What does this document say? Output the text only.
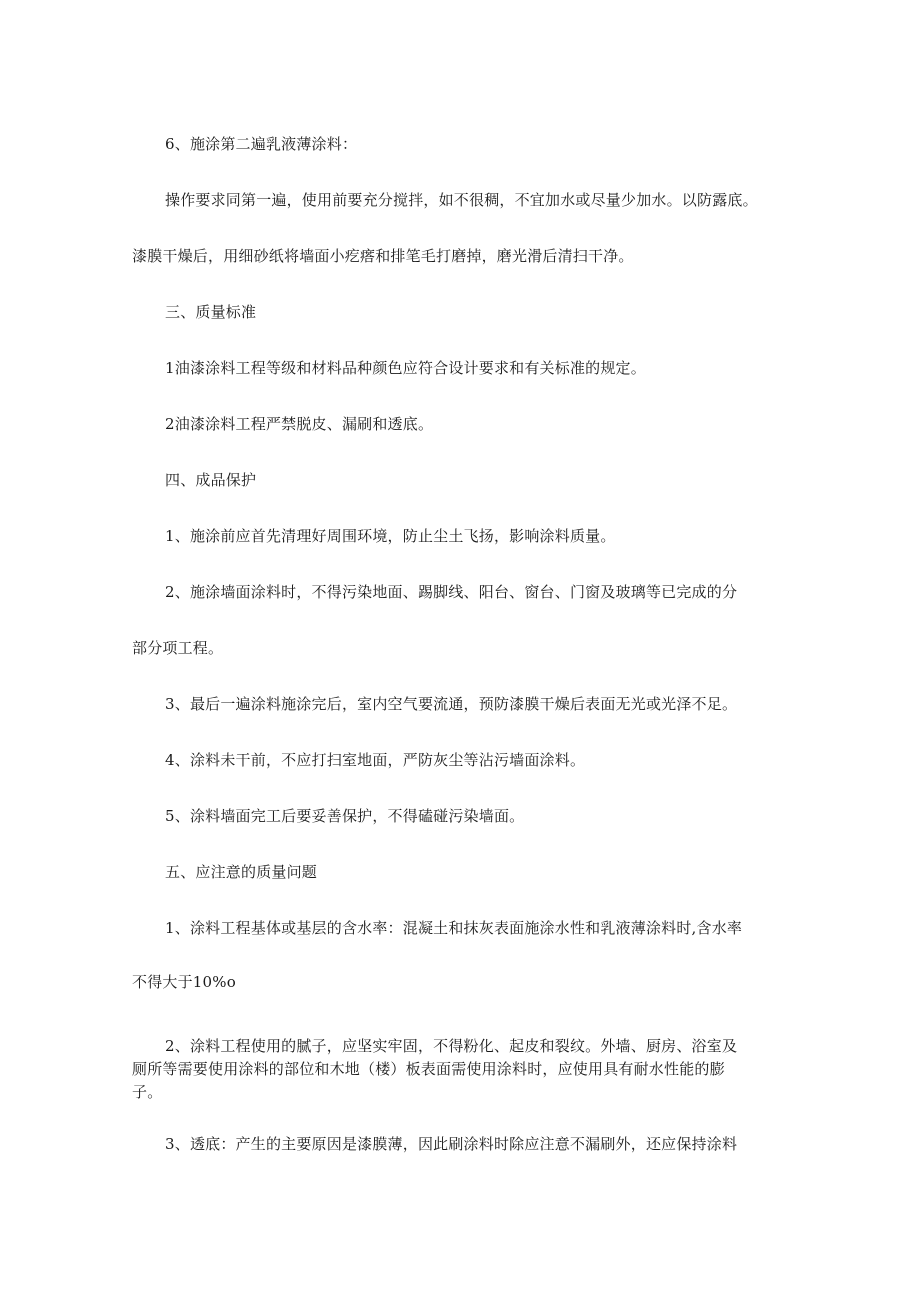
6、施涂第二遍乳液薄涂料：
操作要求同第一遍，使用前要充分搅拌，如不很稠，不宜加水或尽量少加水。以防露底。
漆膜干燥后，用细砂纸将墙面小疙瘩和排笔毛打磨掉，磨光滑后清扫干净。
三、质量标准
1油漆涂料工程等级和材料品种颜色应符合设计要求和有关标准的规定。
2油漆涂料工程严禁脱皮、漏刷和透底。
四、成品保护
1、施涂前应首先清理好周围环境，防止尘土飞扬，影响涂料质量。
2、施涂墙面涂料时，不得污染地面、踢脚线、阳台、窗台、门窗及玻璃等已完成的分
部分项工程。
3、最后一遍涂料施涂完后，室内空气要流通，预防漆膜干燥后表面无光或光泽不足。
4、涂料未干前，不应打扫室地面，严防灰尘等沾污墙面涂料。
5、涂料墙面完工后要妥善保护，不得磕碰污染墙面。
五、应注意的质量问题
1、涂料工程基体或基层的含水率：混凝土和抹灰表面施涂水性和乳液薄涂料时,含水率
不得大于10%o
2、涂料工程使用的腻子，应坚实牢固，不得粉化、起皮和裂纹。外墙、厨房、浴室及
厕所等需要使用涂料的部位和木地（楼）板表面需使用涂料时，应使用具有耐水性能的膨
子。
3、透底：产生的主要原因是漆膜薄，因此刷涂料时除应注意不漏刷外，还应保持涂料
